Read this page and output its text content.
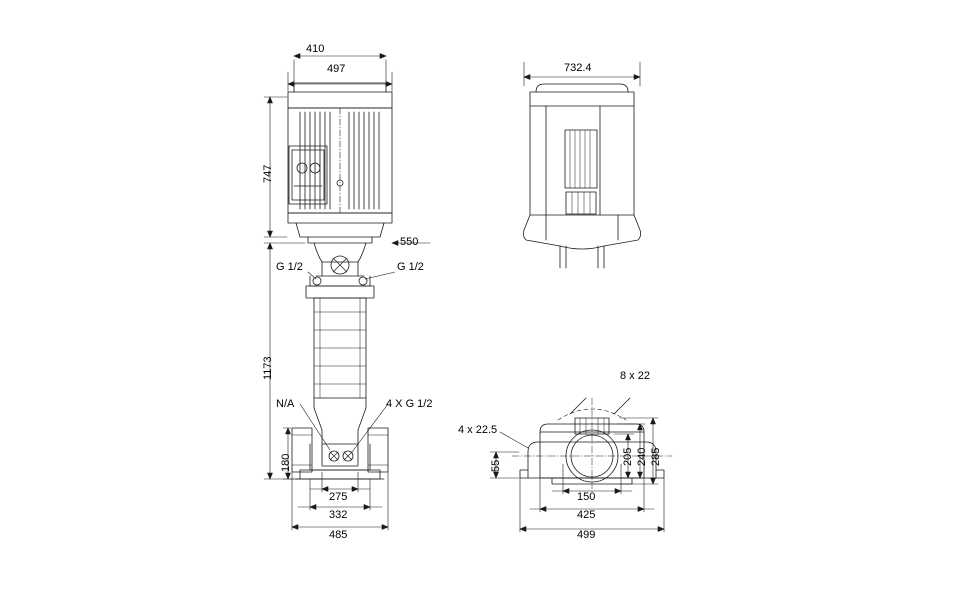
410
497
747
550
1173
180
275
332
485
G 1/2	G 1/2
N/A	4 X G 1/2
732.4
8 x 22
4 x 22.5
55	205 240 285
150
425
499
